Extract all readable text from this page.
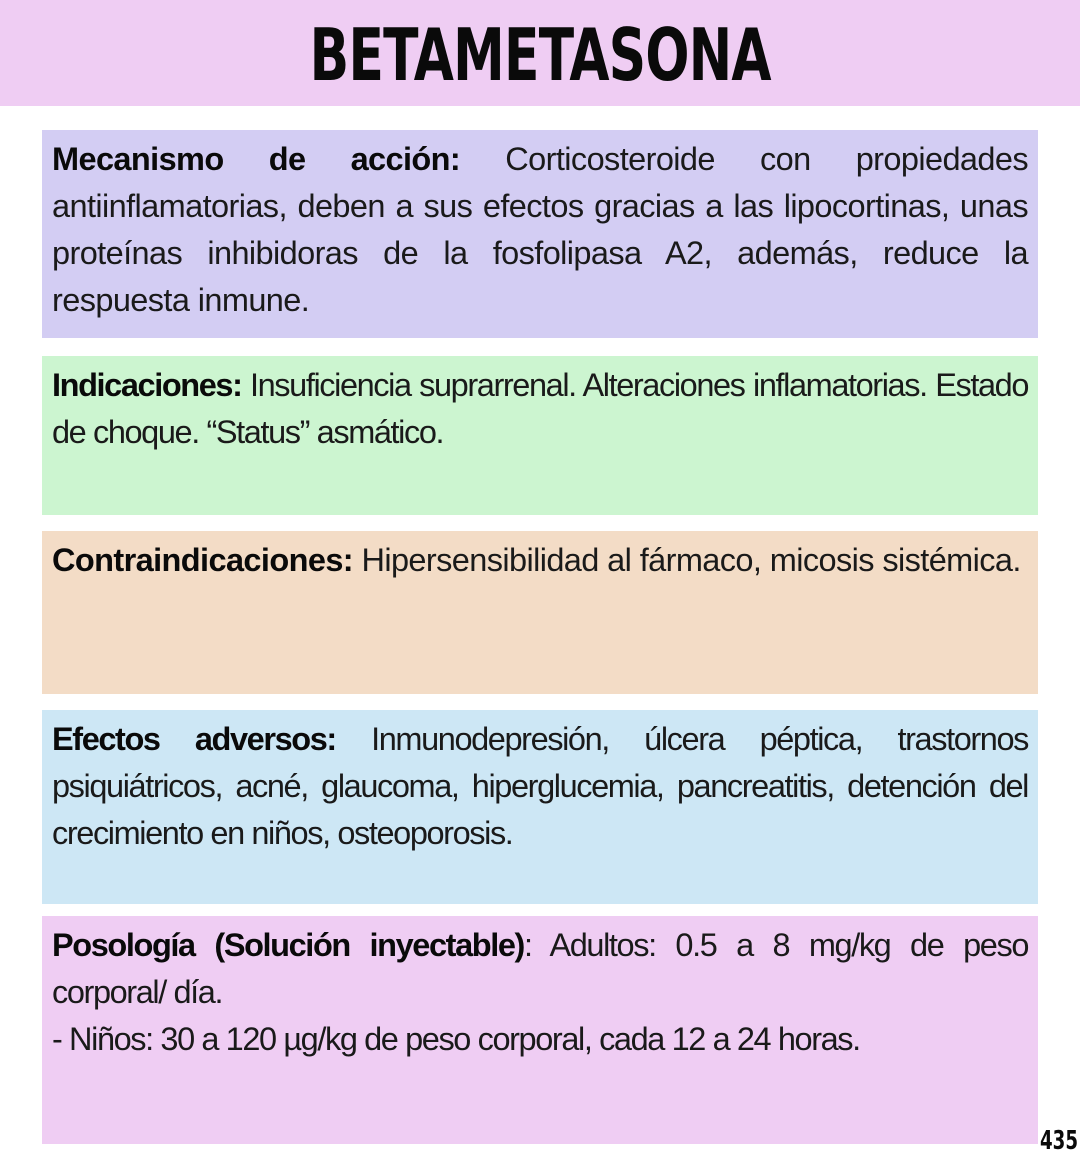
BETAMETASONA
Mecanismo de acción: Corticosteroide con propiedades antiinflamatorias, deben a sus efectos gracias a las lipocortinas, unas proteínas inhibidoras de la fosfolipasa A2, además, reduce la respuesta inmune.
Indicaciones: Insuficiencia suprarrenal. Alteraciones inflamatorias. Estado de choque. “Status” asmático.
Contraindicaciones: Hipersensibilidad al fármaco, micosis sistémica.
Efectos adversos: Inmunodepresión, úlcera péptica, trastornos psiquiátricos, acné, glaucoma, hiperglucemia, pancreatitis, detención del crecimiento en niños, osteoporosis.
Posología (Solución inyectable): Adultos: 0.5 a 8 mg/kg de peso corporal/ día.
- Niños: 30 a 120 µg/kg de peso corporal, cada 12 a 24 horas.
435
